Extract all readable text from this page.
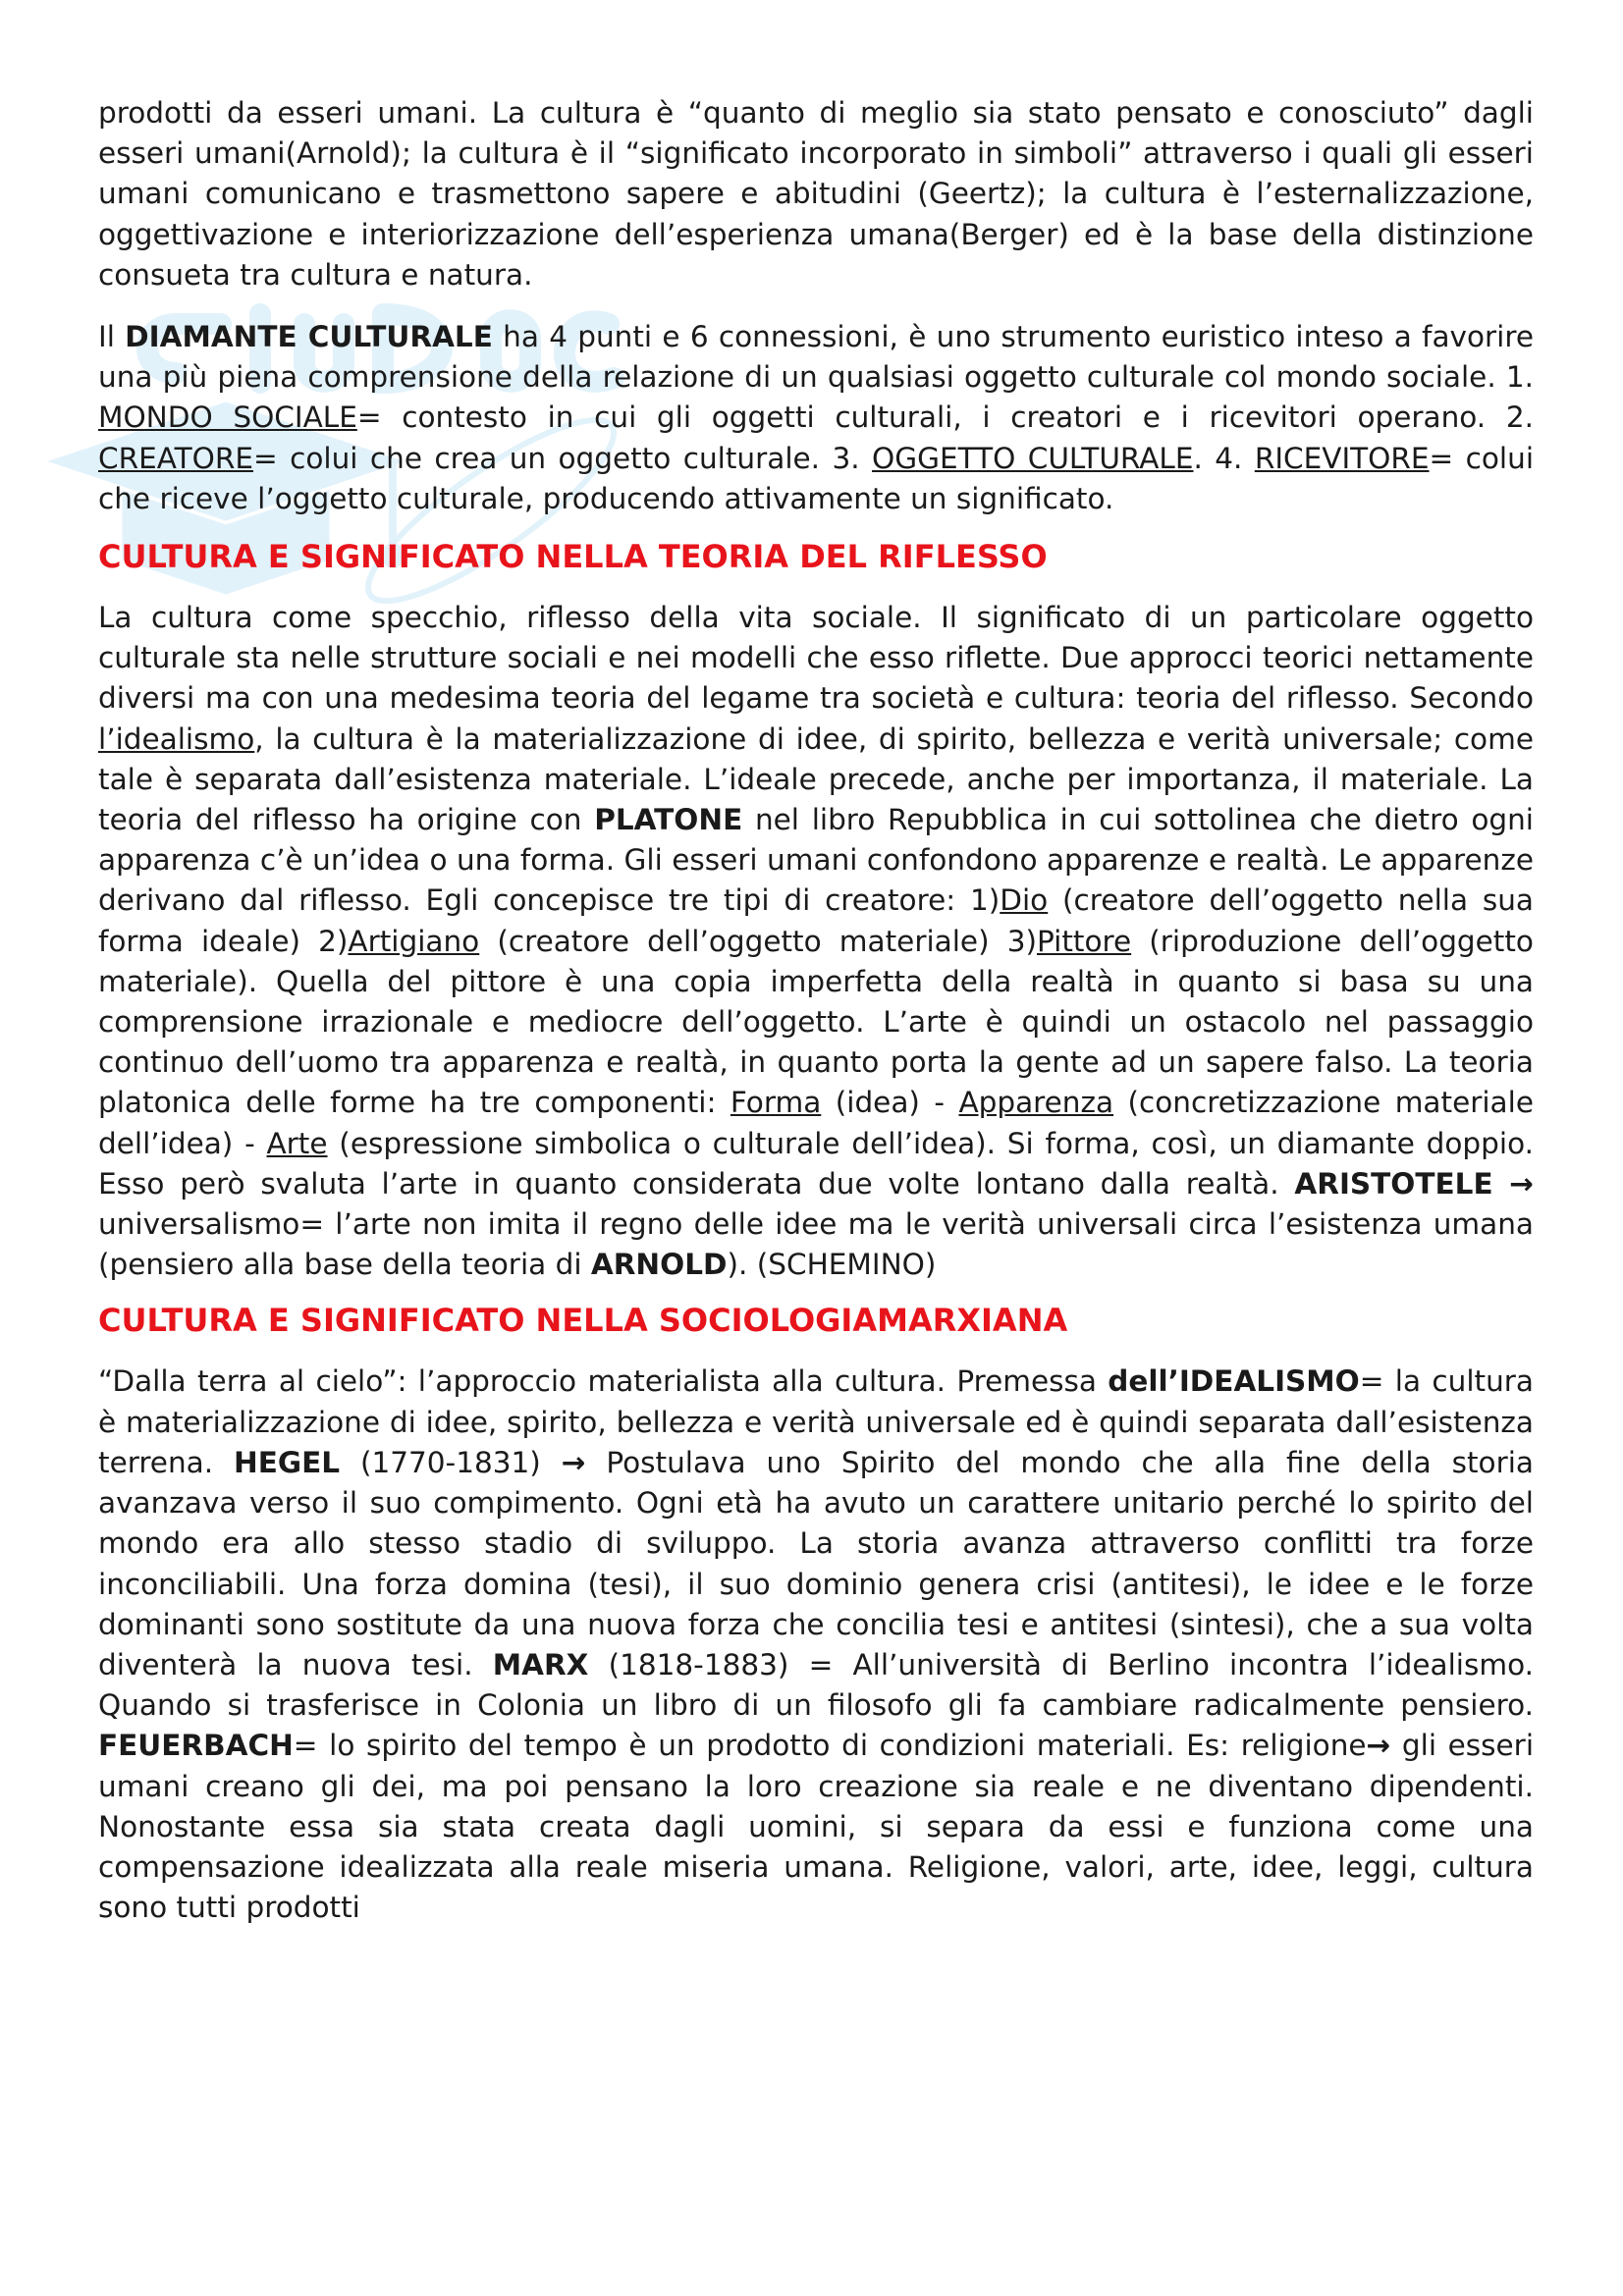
prodotti da esseri umani. La cultura è “quanto di meglio sia stato pensato e conosciuto” dagli esseri umani(Arnold); la cultura è il “significato incorporato in simboli” attraverso i quali gli esseri umani comunicano e trasmettono sapere e abitudini (Geertz); la cultura è l’esternalizzazione, oggettivazione e interiorizzazione dell’esperienza umana(Berger) ed è la base della distinzione consueta tra cultura e natura.

Il DIAMANTE CULTURALE ha 4 punti e 6 connessioni, è uno strumento euristico inteso a favorire una più piena comprensione della relazione di un qualsiasi oggetto culturale col mondo sociale. 1. MONDO SOCIALE= contesto in cui gli oggetti culturali, i creatori e i ricevitori operano. 2. CREATORE= colui che crea un oggetto culturale. 3. OGGETTO CULTURALE. 4. RICEVITORE= colui che riceve l’oggetto culturale, producendo attivamente un significato.

CULTURA E SIGNIFICATO NELLA TEORIA DEL RIFLESSO

La cultura come specchio, riflesso della vita sociale. Il significato di un particolare oggetto culturale sta nelle strutture sociali e nei modelli che esso riflette. Due approcci teorici nettamente diversi ma con una medesima teoria del legame tra società e cultura: teoria del riflesso. Secondo l’idealismo, la cultura è la materializzazione di idee, di spirito, bellezza e verità universale; come tale è separata dall’esistenza materiale. L’ideale precede, anche per importanza, il materiale. La teoria del riflesso ha origine con PLATONE nel libro Repubblica in cui sottolinea che dietro ogni apparenza c’è un’idea o una forma. Gli esseri umani confondono apparenze e realtà. Le apparenze derivano dal riflesso. Egli concepisce tre tipi di creatore: 1)Dio (creatore dell’oggetto nella sua forma ideale) 2)Artigiano (creatore dell’oggetto materiale) 3)Pittore (riproduzione dell’oggetto materiale). Quella del pittore è una copia imperfetta della realtà in quanto si basa su una comprensione irrazionale e mediocre dell’oggetto. L’arte è quindi un ostacolo nel passaggio continuo dell’uomo tra apparenza e realtà, in quanto porta la gente ad un sapere falso. La teoria platonica delle forme ha tre componenti: Forma (idea) - Apparenza (concretizzazione materiale dell’idea) - Arte (espressione simbolica o culturale dell’idea). Si forma, così, un diamante doppio. Esso però svaluta l’arte in quanto considerata due volte lontano dalla realtà. ARISTOTELE → universalismo= l’arte non imita il regno delle idee ma le verità universali circa l’esistenza umana (pensiero alla base della teoria di ARNOLD). (SCHEMINO)

CULTURA E SIGNIFICATO NELLA SOCIOLOGIAMARXIANA

“Dalla terra al cielo”: l’approccio materialista alla cultura. Premessa dell’IDEALISMO= la cultura è materializzazione di idee, spirito, bellezza e verità universale ed è quindi separata dall’esistenza terrena. HEGEL (1770-1831) → Postulava uno Spirito del mondo che alla fine della storia avanzava verso il suo compimento. Ogni età ha avuto un carattere unitario perché lo spirito del mondo era allo stesso stadio di sviluppo. La storia avanza attraverso conflitti tra forze inconciliabili. Una forza domina (tesi), il suo dominio genera crisi (antitesi), le idee e le forze dominanti sono sostitute da una nuova forza che concilia tesi e antitesi (sintesi), che a sua volta diventerà la nuova tesi. MARX (1818-1883) = All’università di Berlino incontra l’idealismo. Quando si trasferisce in Colonia un libro di un filosofo gli fa cambiare radicalmente pensiero. FEUERBACH= lo spirito del tempo è un prodotto di condizioni materiali. Es: religione→ gli esseri umani creano gli dei, ma poi pensano la loro creazione sia reale e ne diventano dipendenti. Nonostante essa sia stata creata dagli uomini, si separa da essi e funziona come una compensazione idealizzata alla reale miseria umana. Religione, valori, arte, idee, leggi, cultura sono tutti prodotti
